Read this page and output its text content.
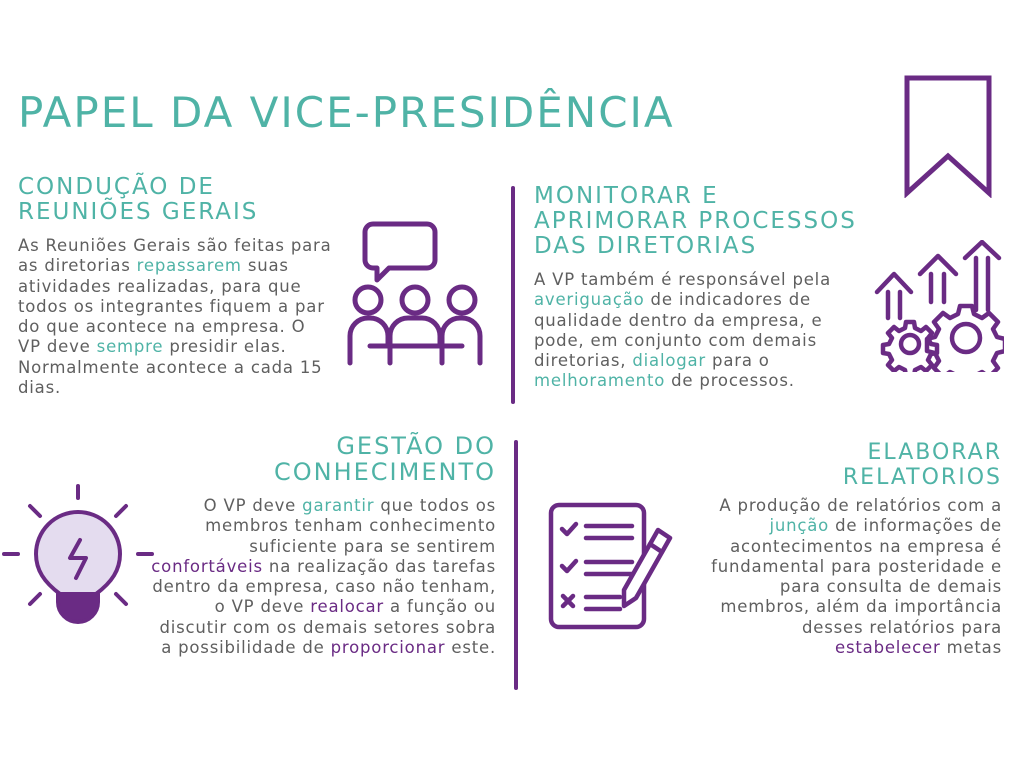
PAPEL DA VICE-PRESIDÊNCIA

CONDUÇÃO DE
REUNIÕES GERAIS

As Reuniões Gerais são feitas para as diretorias repassarem suas atividades realizadas, para que todos os integrantes fiquem a par do que acontece na empresa. O VP deve sempre presidir elas. Normalmente acontece a cada 15 dias.

MONITORAR E
APRIMORAR PROCESSOS
DAS DIRETORIAS

A VP também é responsável pela averiguação de indicadores de qualidade dentro da empresa, e pode, em conjunto com demais diretorias, dialogar para o melhoramento de processos.

GESTÃO DO
CONHECIMENTO

O VP deve garantir que todos os membros tenham conhecimento suficiente para se sentirem confortáveis na realização das tarefas dentro da empresa, caso não tenham, o VP deve realocar a função ou discutir com os demais setores sobra a possibilidade de proporcionar este.

ELABORAR RELATORIOS

A produção de relatórios com a junção de informações de acontecimentos na empresa é fundamental para posteridade e para consulta de demais membros, além da importância desses relatórios para estabelecer metas
